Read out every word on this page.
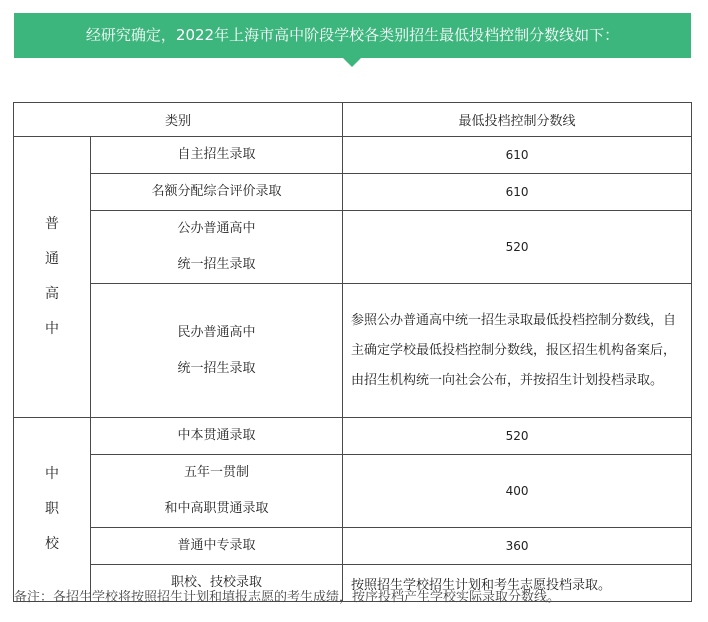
经研究确定，2022年上海市高中阶段学校各类别招生最低投档控制分数线如下：
类别		最低投档控制分数线

普
通
高
中	自主招生录取	610

	名额分配综合评价录取	610

	公办普通高中
统一招生录取	520

	民办普通高中
统一招生录取	参照公办普通高中统一招生录取最低投档控制分数线，自主确定学校最低投档控制分数线，报区招生机构备案后，由招生机构统一向社会公布，并按招生计划投档录取。

中
职
校	中本贯通录取	520

	五年一贯制
和中高职贯通录取	400

	普通中专录取	360

	职校、技校录取	按照招生学校招生计划和考生志愿投档录取。
备注：各招生学校将按照招生计划和填报志愿的考生成绩，按序投档产生学校实际录取分数线。
